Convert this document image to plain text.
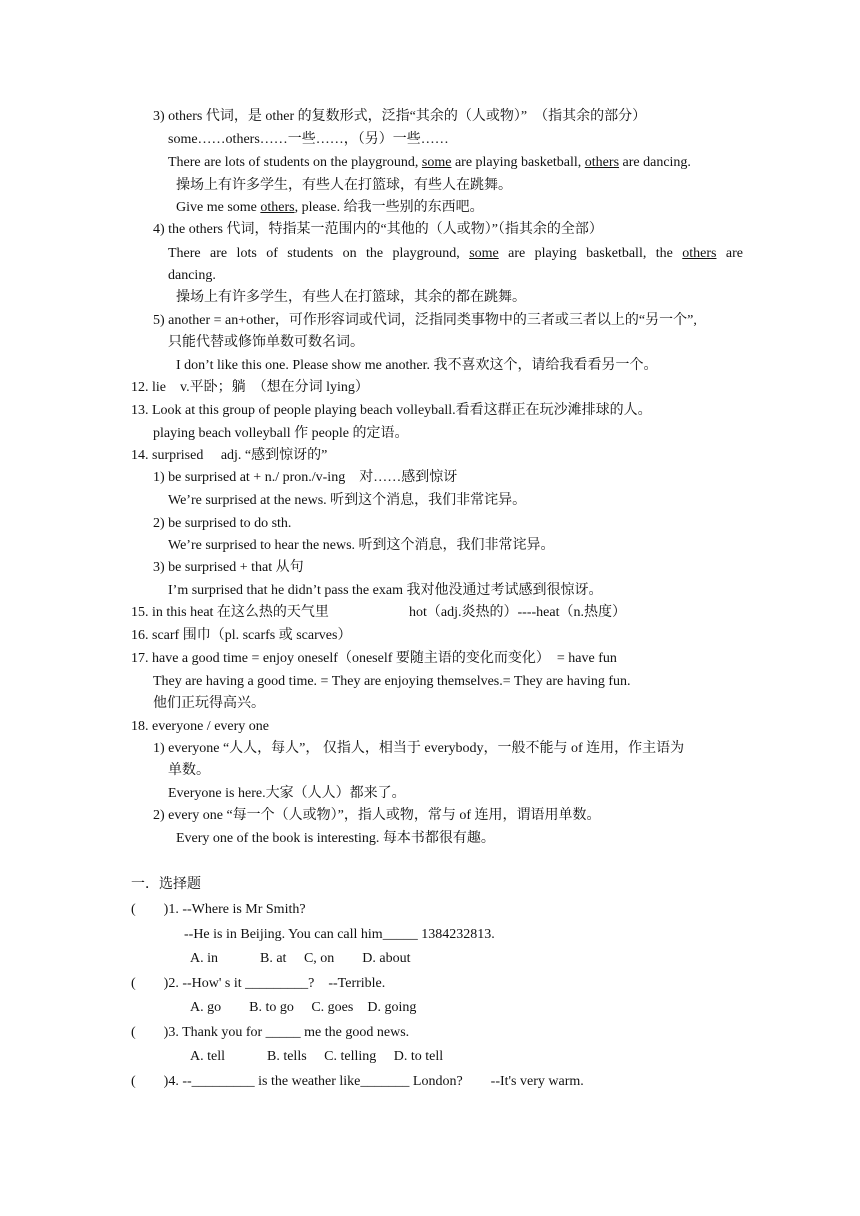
3) others 代词，是 other 的复数形式，泛指“其余的（人或物）”　（指其余的部分）
some……others……一些……，（另）一些……
There are lots of students on the playground, some are playing basketball, others are dancing.
操场上有许多学生，有些人在打篮球，有些人在跳舞。
Give me some others, please. 给我一些别的东西吧。
4) the others 代词，特指某一范围内的“其他的（人或物）”（指其余的全部）
There are lots of students on the playground, some are playing basketball, the others are
dancing.
操场上有许多学生，有些人在打篮球，其余的都在跳舞。
5) another = an+other，可作形容词或代词，泛指同类事物中的三者或三者以上的“另一个”,
只能代替或修饰单数可数名词。
I don’t like this one. Please show me another. 我不喜欢这个，请给我看看另一个。
12. lie　v.平卧；躺　（想在分词 lying）
13. Look at this group of people playing beach volleyball.看看这群正在玩沙滩排球的人。
playing beach volleyball 作 people 的定语。
14. surprised　 adj. “感到惊讶的”
1) be surprised at + n./ pron./v-ing　对……感到惊讶
We’re surprised at the news. 听到这个消息，我们非常诧异。
2) be surprised to do sth.
We’re surprised to hear the news. 听到这个消息，我们非常诧异。
3) be surprised + that 从句
I’m surprised that he didn’t pass the exam 我对他没通过考试感到很惊讶。
15. in this heat 在这么热的天气里	hot（adj.炎热的）----heat（n.热度）
16. scarf 围巾（pl. scarfs 或 scarves）
17. have a good time = enjoy oneself（oneself 要随主语的变化而变化）　= have fun
They are having a good time. = They are enjoying themselves.= They are having fun.
他们正玩得高兴。
18. everyone / every one
1) everyone “人人，每人”， 仅指人，相当于 everybody，一般不能与 of 连用，作主语为
单数。
Everyone is here.大家（人人）都来了。
2) every one “每一个（人或物）”，指人或物，常与 of 连用，谓语用单数。
Every one of the book is interesting. 每本书都很有趣。
一．选择题
(　　)1. --Where is Mr Smith?
--He is in Beijing. You can call him_____ 1384232813.
A. in　　　B. at　 C, on　　D. about
(　　)2. --How' s it _________?　--Terrible.
A. go　　B. to go　 C. goes　D. going
(　　)3. Thank you for _____ me the good news.
A. tell　　　B. tells　 C. telling　 D. to tell
(　　)4. --_________ is the weather like_______ London?　　--It's very warm.
